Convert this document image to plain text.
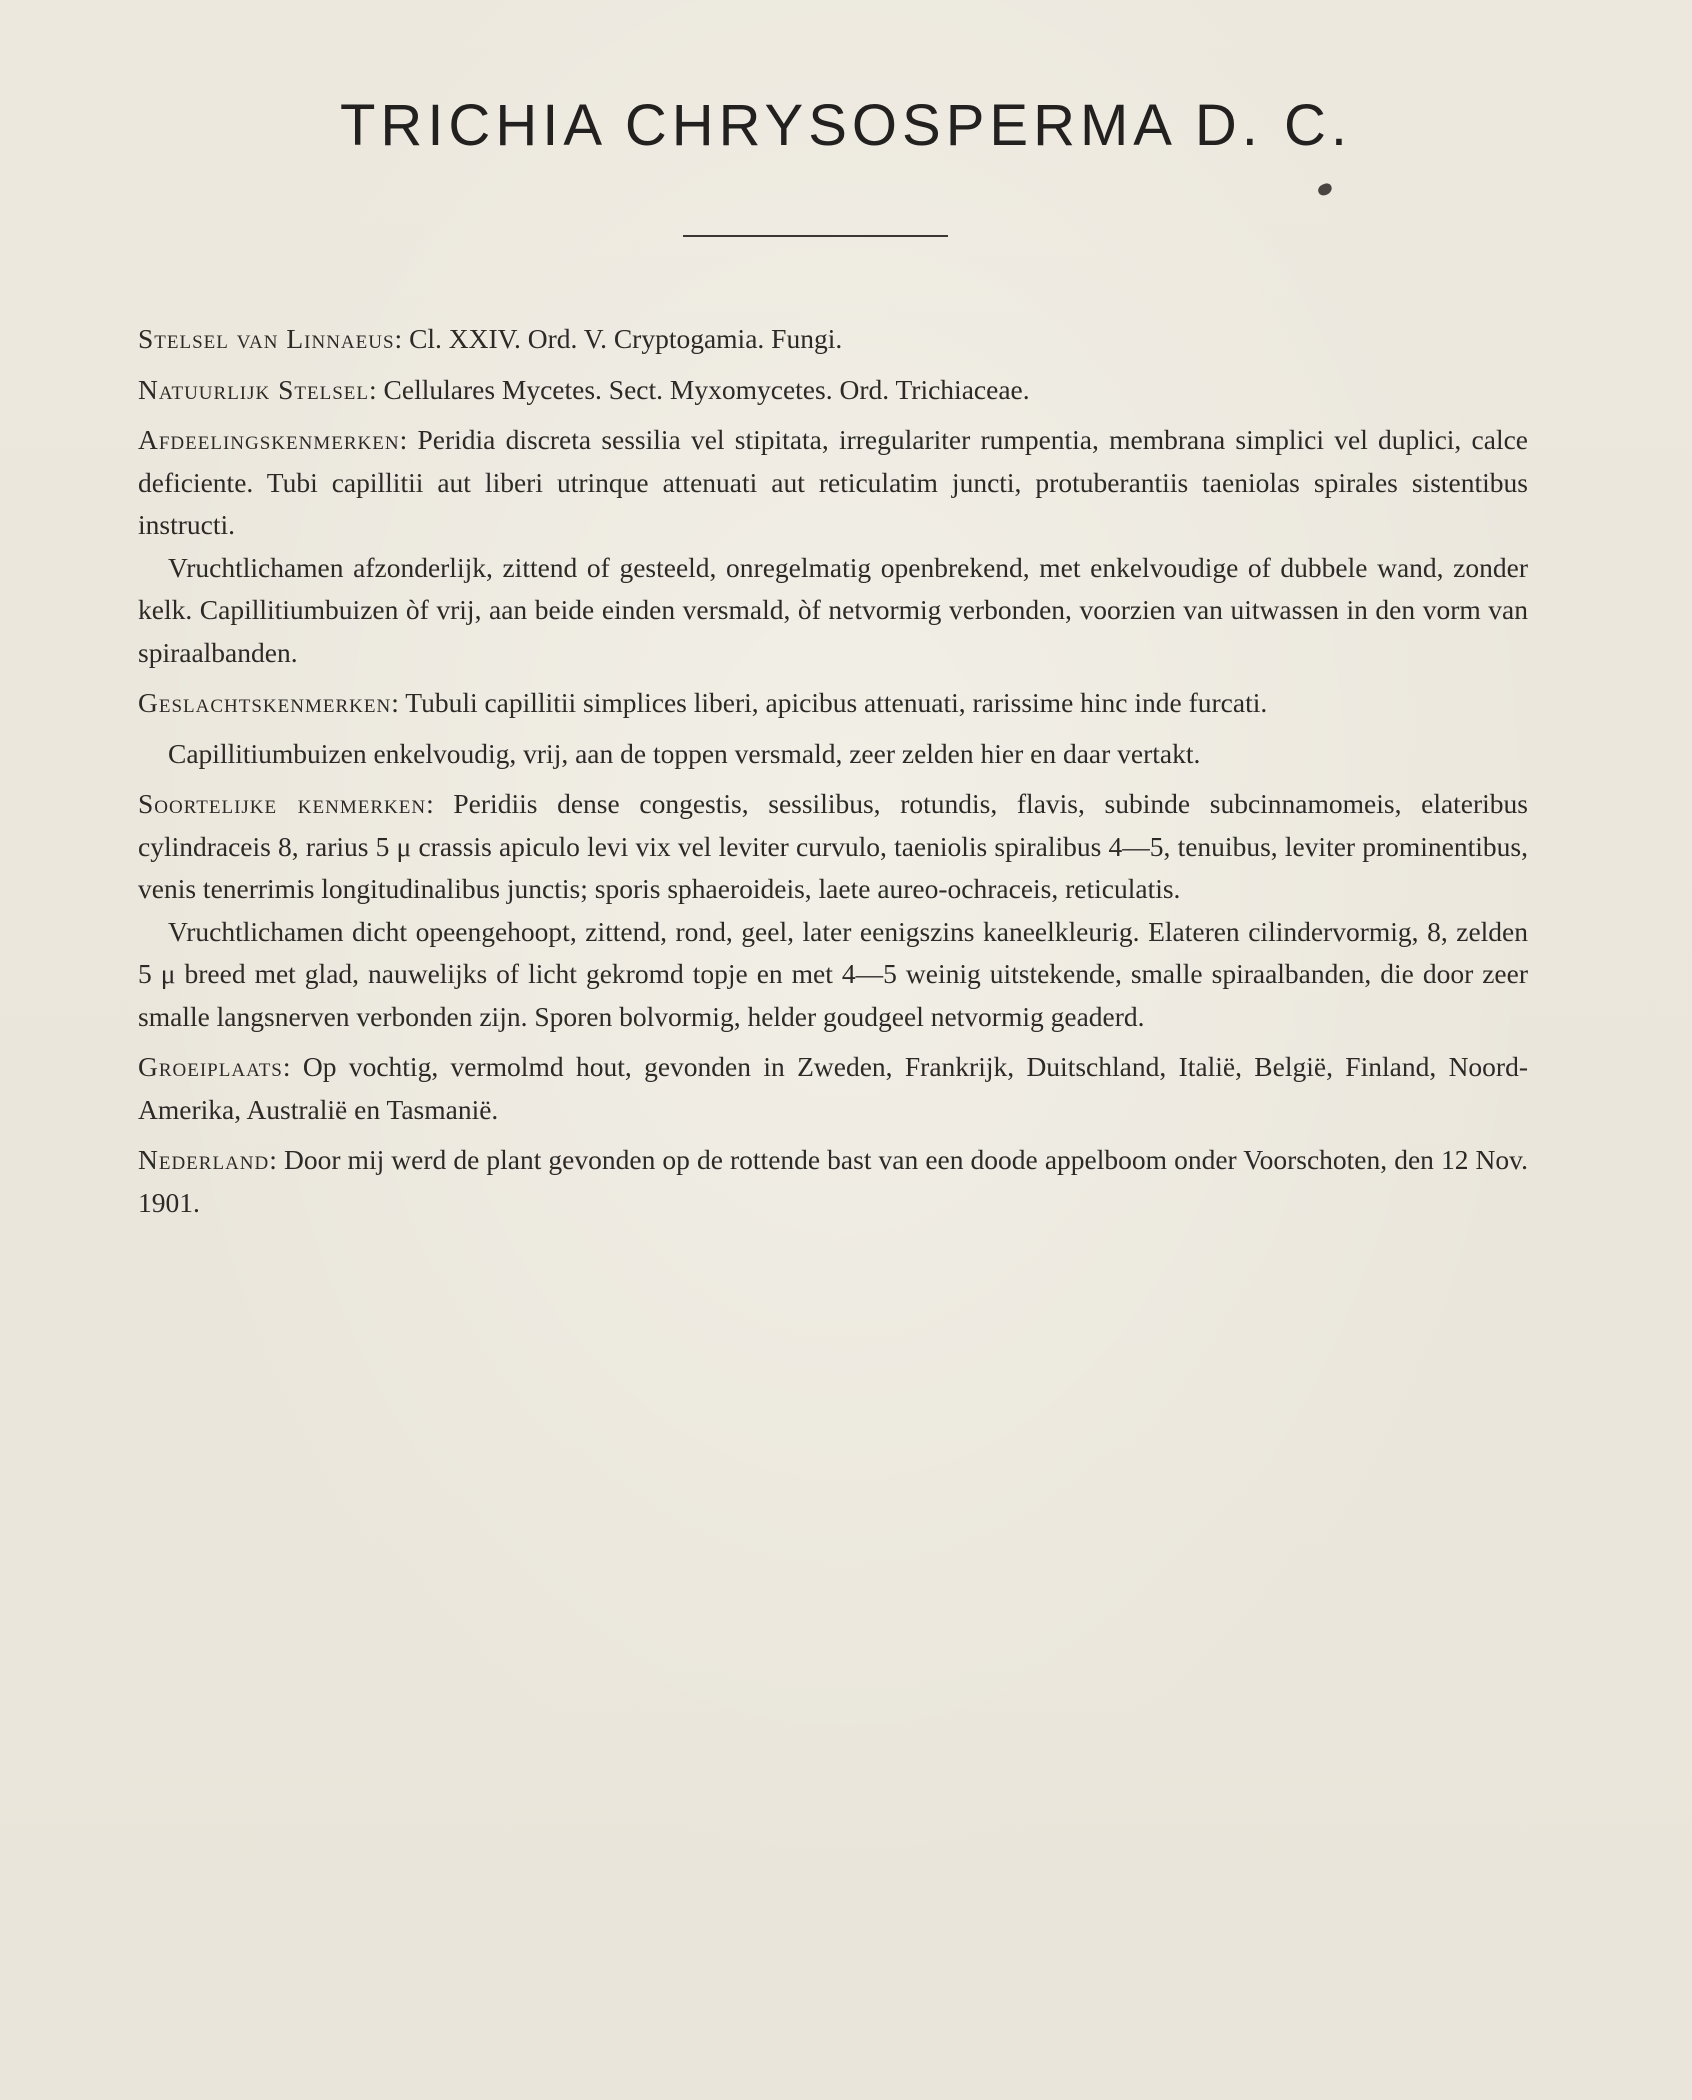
TRICHIA CHRYSOSPERMA D. C.

Stelsel van Linnaeus: Cl. XXIV. Ord. V. Cryptogamia. Fungi.

Natuurlijk Stelsel: Cellulares Mycetes. Sect. Myxomycetes. Ord. Trichiaceae.

Afdeelingskenmerken: Peridia discreta sessilia vel stipitata, irregulariter rumpentia, membrana simplici vel duplici, calce deficiente. Tubi capillitii aut liberi utrinque attenuati aut reticulatim juncti, protuberantiis taeniolas spirales sistentibus instructi.

Vruchtlichamen afzonderlijk, zittend of gesteeld, onregelmatig openbrekend, met enkelvoudige of dubbele wand, zonder kelk. Capillitiumbuizen òf vrij, aan beide einden versmald, òf netvormig verbonden, voorzien van uitwassen in den vorm van spiraalbanden.

Geslachtskenmerken: Tubuli capillitii simplices liberi, apicibus attenuati, rarissime hinc inde furcati.

Capillitiumbuizen enkelvoudig, vrij, aan de toppen versmald, zeer zelden hier en daar vertakt.

Soortelijke kenmerken: Peridiis dense congestis, sessilibus, rotundis, flavis, subinde subcinnamomeis, elateribus cylindraceis 8, rarius 5 μ crassis apiculo levi vix vel leviter curvulo, taeniolis spiralibus 4—5, tenuibus, leviter prominentibus, venis tenerrimis longitudinalibus junctis; sporis sphaeroideis, laete aureo-ochraceis, reticulatis.

Vruchtlichamen dicht opeengehoopt, zittend, rond, geel, later eenigszins kaneelkleurig. Elateren cilindervormig, 8, zelden 5 μ breed met glad, nauwelijks of licht gekromd topje en met 4—5 weinig uitstekende, smalle spiraalbanden, die door zeer smalle langsnerven verbonden zijn. Sporen bolvormig, helder goudgeel netvormig geaderd.

Groeiplaats: Op vochtig, vermolmd hout, gevonden in Zweden, Frankrijk, Duitschland, Italië, België, Finland, Noord-Amerika, Australië en Tasmanië.

Nederland: Door mij werd de plant gevonden op de rottende bast van een doode appelboom onder Voorschoten, den 12 Nov. 1901.
